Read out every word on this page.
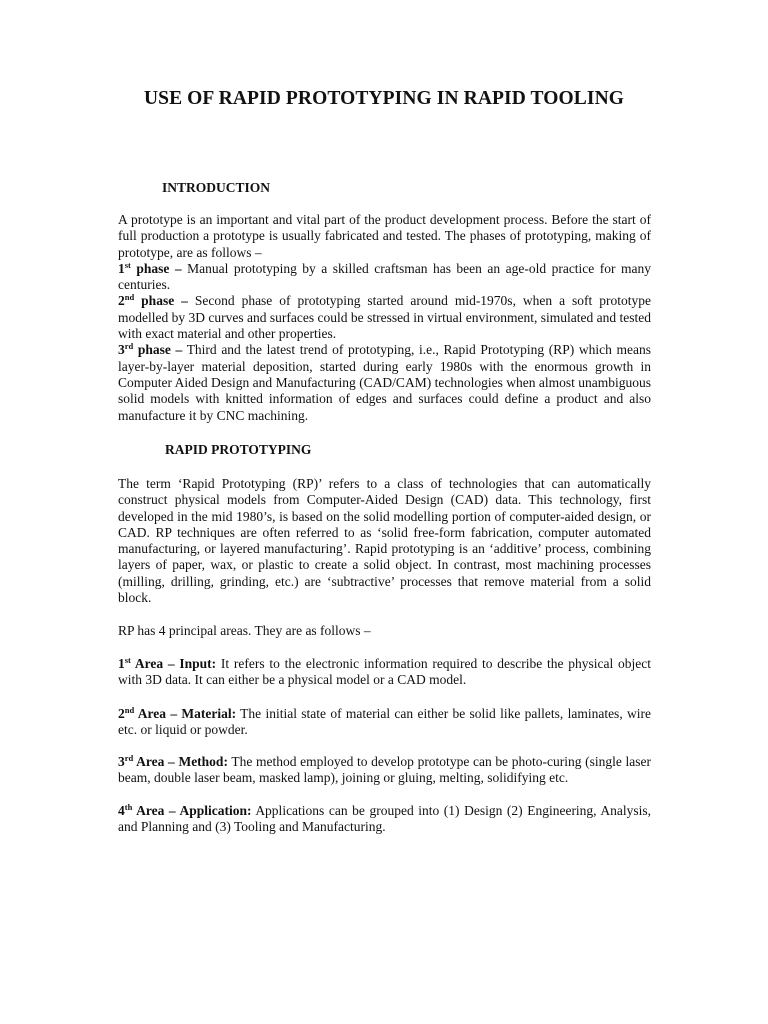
USE OF RAPID PROTOTYPING IN RAPID TOOLING
INTRODUCTION

A prototype is an important and vital part of the product development process. Before the start of full production a prototype is usually fabricated and tested. The phases of prototyping, making of prototype, are as follows –

1st phase – Manual prototyping by a skilled craftsman has been an age-old practice for many centuries.

2nd phase – Second phase of prototyping started around mid-1970s, when a soft prototype modelled by 3D curves and surfaces could be stressed in virtual environment, simulated and tested with exact material and other properties.

3rd phase – Third and the latest trend of prototyping, i.e., Rapid Prototyping (RP) which means layer-by-layer material deposition, started during early 1980s with the enormous growth in Computer Aided Design and Manufacturing (CAD/CAM) technologies when almost unambiguous solid models with knitted information of edges and surfaces could define a product and also manufacture it by CNC machining.

RAPID PROTOTYPING
The term ‘Rapid Prototyping (RP)’ refers to a class of technologies that can automatically construct physical models from Computer-Aided Design (CAD) data. This technology, first developed in the mid 1980’s, is based on the solid modelling portion of computer-aided design, or CAD. RP techniques are often referred to as ‘solid free-form fabrication, computer automated manufacturing, or layered manufacturing’. Rapid prototyping is an ‘additive’ process, combining layers of paper, wax, or plastic to create a solid object. In contrast, most machining processes (milling, drilling, grinding, etc.) are ‘subtractive’ processes that remove material from a solid block.
RP has 4 principal areas. They are as follows –
1st Area – Input: It refers to the electronic information required to describe the physical object with 3D data. It can either be a physical model or a CAD model.
2nd Area – Material: The initial state of material can either be solid like pallets, laminates, wire etc. or liquid or powder.
3rd Area – Method: The method employed to develop prototype can be photo-curing (single laser beam, double laser beam, masked lamp), joining or gluing, melting, solidifying etc.
4th Area – Application: Applications can be grouped into (1) Design (2) Engineering, Analysis, and Planning and (3) Tooling and Manufacturing.
